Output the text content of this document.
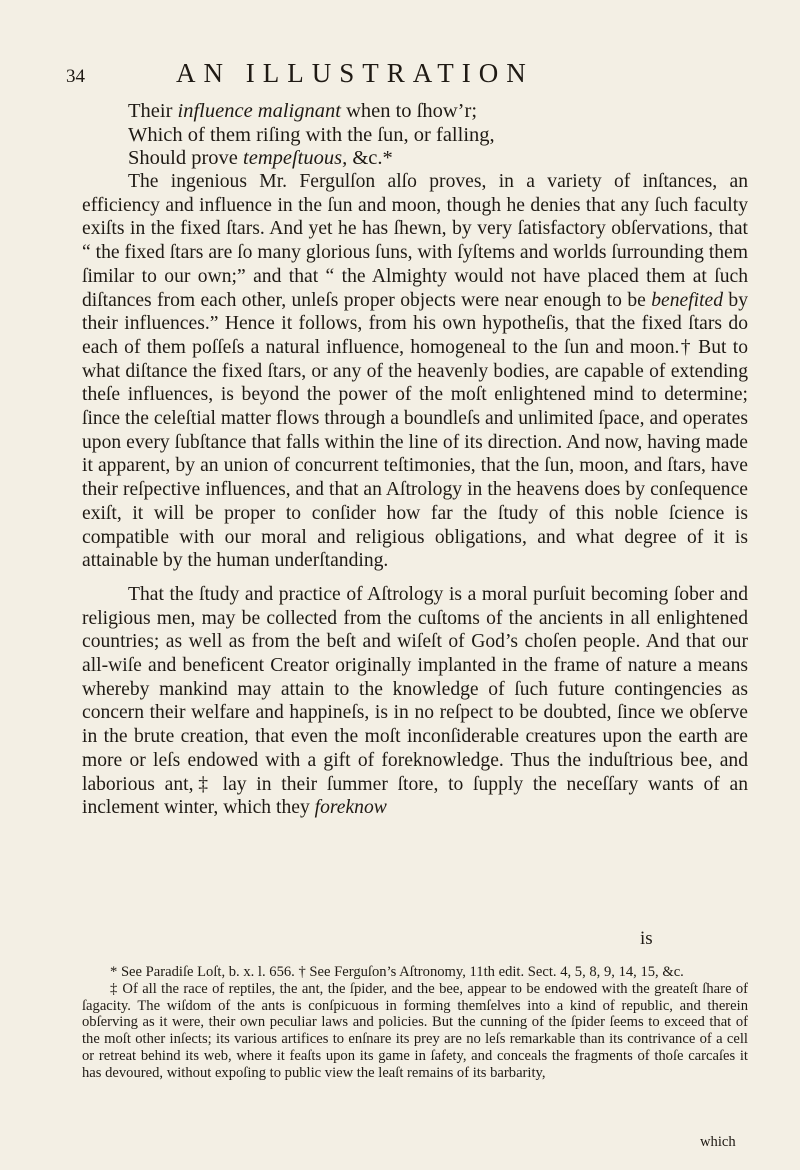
34	AN ILLUSTRATION
Their influence malignant when to ſhow’r;
Which of them riſing with the ſun, or falling,
Should prove tempeſtuous, &c.*

The ingenious Mr. Fergulſon alſo proves, in a variety of inſtances, an efficiency and influence in the ſun and moon, though he denies that any ſuch faculty exiſts in the fixed ſtars. And yet he has ſhewn, by very ſatisfactory obſervations, that “ the fixed ſtars are ſo many glorious ſuns, with ſyſtems and worlds ſurrounding them ſimilar to our own;” and that “ the Almighty would not have placed them at ſuch diſtances from each other, unleſs proper objects were near enough to be benefited by their influences.” Hence it follows, from his own hypotheſis, that the fixed ſtars do each of them poſſeſs a natural influence, homogeneal to the ſun and moon.† But to what diſtance the fixed ſtars, or any of the heavenly bodies, are capable of extending theſe influences, is beyond the power of the moſt enlightened mind to determine; ſince the celeſtial matter flows through a boundleſs and unlimited ſpace, and operates upon every ſubſtance that falls within the line of its direction. And now, having made it apparent, by an union of concurrent teſtimonies, that the ſun, moon, and ſtars, have their reſpective influences, and that an Aſtrology in the heavens does by conſequence exiſt, it will be proper to conſider how far the ſtudy of this noble ſcience is compatible with our moral and religious obligations, and what degree of it is attainable by the human underſtanding.

That the ſtudy and practice of Aſtrology is a moral purſuit becoming ſober and religious men, may be collected from the cuſtoms of the ancients in all enlightened countries; as well as from the beſt and wiſeſt of God’s choſen people. And that our all-wiſe and beneficent Creator originally implanted in the frame of nature a means whereby mankind may attain to the knowledge of ſuch future contingencies as concern their welfare and happineſs, is in no reſpect to be doubted, ſince we obſerve in the brute creation, that even the moſt inconſiderable creatures upon the earth are more or leſs endowed with a gift of foreknowledge. Thus the induſtrious bee, and laborious ant,‡ lay in their ſummer ſtore, to ſupply the neceſſary wants of an inclement winter, which they foreknow

is

* See Paradiſe Loſt, b. x. l. 656. † See Ferguſon’s Aſtronomy, 11th edit. Sect. 4, 5, 8, 9, 14, 15, &c.

‡ Of all the race of reptiles, the ant, the ſpider, and the bee, appear to be endowed with the greateſt ſhare of ſagacity. The wiſdom of the ants is conſpicuous in forming themſelves into a kind of republic, and therein obſerving as it were, their own peculiar laws and policies. But the cunning of the ſpider ſeems to exceed that of the moſt other inſects; its various artifices to enſnare its prey are no leſs remarkable than its contrivance of a cell or retreat behind its web, where it feaſts upon its game in ſafety, and conceals the fragments of thoſe carcaſes it has devoured, without expoſing to public view the leaſt remains of its barbarity,

which
